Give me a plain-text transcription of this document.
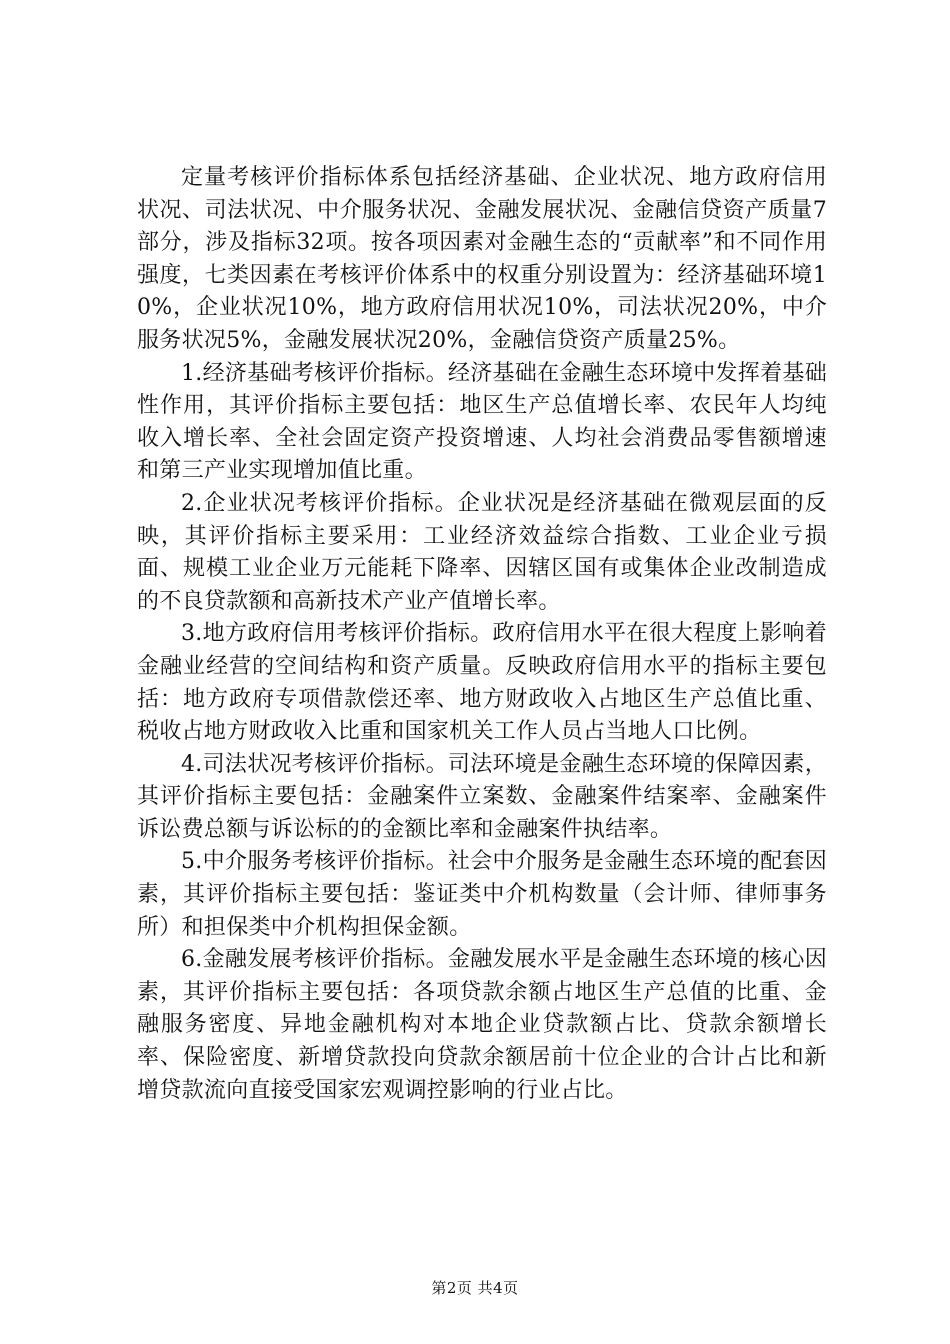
定量考核评价指标体系包括经济基础、企业状况、地方政府信用状况、司法状况、中介服务状况、金融发展状况、金融信贷资产质量7部分，涉及指标32项。按各项因素对金融生态的“贡献率”和不同作用强度，七类因素在考核评价体系中的权重分别设置为：经济基础环境10%，企业状况10%，地方政府信用状况10%，司法状况20%，中介服务状况5%，金融发展状况20%，金融信贷资产质量25%。

1.经济基础考核评价指标。经济基础在金融生态环境中发挥着基础性作用，其评价指标主要包括：地区生产总值增长率、农民年人均纯收入增长率、全社会固定资产投资增速、人均社会消费品零售额增速和第三产业实现增加值比重。

2.企业状况考核评价指标。企业状况是经济基础在微观层面的反映，其评价指标主要采用：工业经济效益综合指数、工业企业亏损面、规模工业企业万元能耗下降率、因辖区国有或集体企业改制造成的不良贷款额和高新技术产业产值增长率。

3.地方政府信用考核评价指标。政府信用水平在很大程度上影响着金融业经营的空间结构和资产质量。反映政府信用水平的指标主要包括：地方政府专项借款偿还率、地方财政收入占地区生产总值比重、税收占地方财政收入比重和国家机关工作人员占当地人口比例。

4.司法状况考核评价指标。司法环境是金融生态环境的保障因素，其评价指标主要包括：金融案件立案数、金融案件结案率、金融案件诉讼费总额与诉讼标的的金额比率和金融案件执结率。

5.中介服务考核评价指标。社会中介服务是金融生态环境的配套因素，其评价指标主要包括：鉴证类中介机构数量（会计师、律师事务所）和担保类中介机构担保金额。

6.金融发展考核评价指标。金融发展水平是金融生态环境的核心因素，其评价指标主要包括：各项贷款余额占地区生产总值的比重、金融服务密度、异地金融机构对本地企业贷款额占比、贷款余额增长率、保险密度、新增贷款投向贷款余额居前十位企业的合计占比和新增贷款流向直接受国家宏观调控影响的行业占比。

第2页 共4页
